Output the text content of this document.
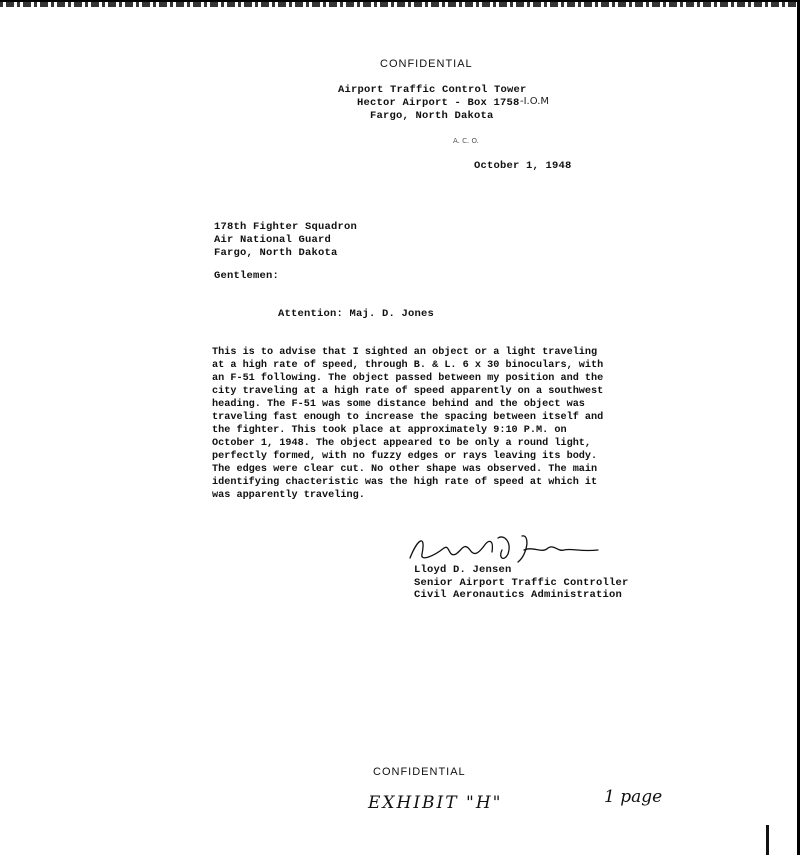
CONFIDENTIAL
Airport Traffic Control Tower
Hector Airport - Box 1758 -I.O.M
Fargo, North Dakota
A. C. O.
October 1, 1948
178th Fighter Squadron
Air National Guard
Fargo, North Dakota
Gentlemen:
Attention: Maj. D. Jones
This is to advise that I sighted an object or a light traveling
at a high rate of speed, through B. & L. 6 x 30 binoculars, with
an F-51 following. The object passed between my position and the
city traveling at a high rate of speed apparently on a southwest
heading. The F-51 was some distance behind and the object was
traveling fast enough to increase the spacing between itself and
the fighter. This took place at approximately 9:10 P.M. on
October 1, 1948. The object appeared to be only a round light,
perfectly formed, with no fuzzy edges or rays leaving its body.
The edges were clear cut. No other shape was observed. The main
identifying chacteristic was the high rate of speed at which it
was apparently traveling.
Lloyd D. Jensen
Senior Airport Traffic Controller
Civil Aeronautics Administration
CONFIDENTIAL
EXHIBIT "H"	1 page
